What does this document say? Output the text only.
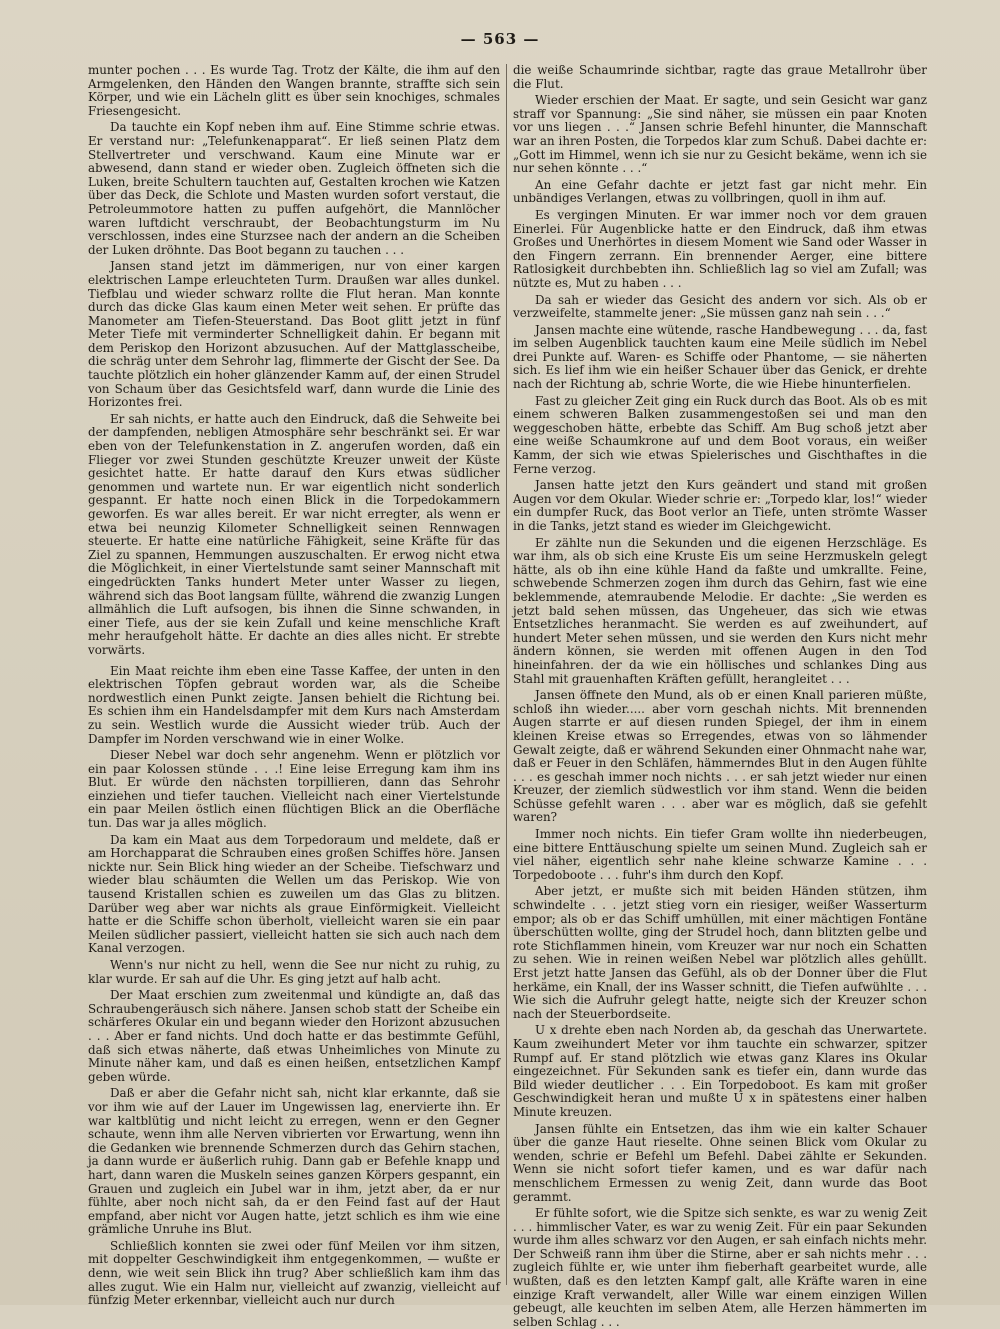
— 563 —

munter pochen . . . Es wurde Tag. Trotz der Kälte, die ihm auf den Armgelenken, den Händen den Wangen brannte, straffte sich sein Körper, und wie ein Lächeln glitt es über sein knochiges, schmales Friesengesicht.

Da tauchte ein Kopf neben ihm auf. Eine Stimme schrie etwas. Er verstand nur: „Telefunkenapparat“. Er ließ seinen Platz dem Stellvertreter und verschwand. Kaum eine Minute war er abwesend, dann stand er wieder oben. Zugleich öffneten sich die Luken, breite Schultern tauchten auf, Gestalten krochen wie Katzen über das Deck, die Schlote und Masten wurden sofort verstaut, die Petroleummotore hatten zu puffen aufgehört, die Mannlöcher waren luftdicht verschraubt, der Beobachtungsturm im Nu verschlossen, indes eine Sturzsee nach der andern an die Scheiben der Luken dröhnte. Das Boot begann zu tauchen . . .

Jansen stand jetzt im dämmerigen, nur von einer kargen elektrischen Lampe erleuchteten Turm. Draußen war alles dunkel. Tiefblau und wieder schwarz rollte die Flut heran. Man konnte durch das dicke Glas kaum einen Meter weit sehen. Er prüfte das Manometer am Tiefen-Steuerstand. Das Boot glitt jetzt in fünf Meter Tiefe mit verminderter Schnelligkeit dahin. Er begann mit dem Periskop den Horizont abzusuchen. Auf der Mattglasscheibe, die schräg unter dem Sehrohr lag, flimmerte der Gischt der See. Da tauchte plötzlich ein hoher glänzender Kamm auf, der einen Strudel von Schaum über das Gesichtsfeld warf, dann wurde die Linie des Horizontes frei.

Er sah nichts, er hatte auch den Eindruck, daß die Sehweite bei der dampfenden, nebligen Atmosphäre sehr beschränkt sei. Er war eben von der Telefunkenstation in Z. angerufen worden, daß ein Flieger vor zwei Stunden geschützte Kreuzer unweit der Küste gesichtet hatte. Er hatte darauf den Kurs etwas südlicher genommen und wartete nun. Er war eigentlich nicht sonderlich gespannt. Er hatte noch einen Blick in die Torpedokammern geworfen. Es war alles bereit. Er war nicht erregter, als wenn er etwa bei neunzig Kilometer Schnelligkeit seinen Rennwagen steuerte. Er hatte eine natürliche Fähigkeit, seine Kräfte für das Ziel zu spannen, Hemmungen auszuschalten. Er erwog nicht etwa die Möglichkeit, in einer Viertelstunde samt seiner Mannschaft mit eingedrückten Tanks hundert Meter unter Wasser zu liegen, während sich das Boot langsam füllte, während die zwanzig Lungen allmählich die Luft aufsogen, bis ihnen die Sinne schwanden, in einer Tiefe, aus der sie kein Zufall und keine menschliche Kraft mehr heraufgeholt hätte. Er dachte an dies alles nicht. Er strebte vorwärts.

Ein Maat reichte ihm eben eine Tasse Kaffee, der unten in den elektrischen Töpfen gebraut worden war, als die Scheibe nordwestlich einen Punkt zeigte. Jansen behielt die Richtung bei. Es schien ihm ein Handelsdampfer mit dem Kurs nach Amsterdam zu sein. Westlich wurde die Aussicht wieder trüb. Auch der Dampfer im Norden verschwand wie in einer Wolke.

Dieser Nebel war doch sehr angenehm. Wenn er plötzlich vor ein paar Kolossen stünde . . .! Eine leise Erregung kam ihm ins Blut. Er würde den nächsten torpillieren, dann das Sehrohr einziehen und tiefer tauchen. Vielleicht nach einer Viertelstunde ein paar Meilen östlich einen flüchtigen Blick an die Oberfläche tun. Das war ja alles möglich.

Da kam ein Maat aus dem Torpedoraum und meldete, daß er am Horchapparat die Schrauben eines großen Schiffes höre. Jansen nickte nur. Sein Blick hing wieder an der Scheibe. Tiefschwarz und wieder blau schäumten die Wellen um das Periskop. Wie von tausend Kristallen schien es zuweilen um das Glas zu blitzen. Darüber weg aber war nichts als graue Einförmigkeit. Vielleicht hatte er die Schiffe schon überholt, vielleicht waren sie ein paar Meilen südlicher passiert, vielleicht hatten sie sich auch nach dem Kanal verzogen.

Wenn's nur nicht zu hell, wenn die See nur nicht zu ruhig, zu klar wurde. Er sah auf die Uhr. Es ging jetzt auf halb acht.

Der Maat erschien zum zweitenmal und kündigte an, daß das Schraubengeräusch sich nähere. Jansen schob statt der Scheibe ein schärferes Okular ein und begann wieder den Horizont abzusuchen . . . Aber er fand nichts. Und doch hatte er das bestimmte Gefühl, daß sich etwas näherte, daß etwas Unheimliches von Minute zu Minute näher kam, und daß es einen heißen, entsetzlichen Kampf geben würde.

Daß er aber die Gefahr nicht sah, nicht klar erkannte, daß sie vor ihm wie auf der Lauer im Ungewissen lag, enervierte ihn. Er war kaltblütig und nicht leicht zu erregen, wenn er den Gegner schaute, wenn ihm alle Nerven vibrierten vor Erwartung, wenn ihn die Gedanken wie brennende Schmerzen durch das Gehirn stachen, ja dann wurde er äußerlich ruhig. Dann gab er Befehle knapp und hart, dann waren die Muskeln seines ganzen Körpers gespannt, ein Grauen und zugleich ein Jubel war in ihm, jetzt aber, da er nur fühlte, aber noch nicht sah, da er den Feind fast auf der Haut empfand, aber nicht vor Augen hatte, jetzt schlich es ihm wie eine grämliche Unruhe ins Blut.

Schließlich konnten sie zwei oder fünf Meilen vor ihm sitzen, mit doppelter Geschwindigkeit ihm entgegenkommen, — wußte er denn, wie weit sein Blick ihn trug? Aber schließlich kam ihm das alles zugut. Wie ein Halm nur, vielleicht auf zwanzig, vielleicht auf fünfzig Meter erkennbar, vielleicht auch nur durch

die weiße Schaumrinde sichtbar, ragte das graue Metallrohr über die Flut.

Wieder erschien der Maat. Er sagte, und sein Gesicht war ganz straff vor Spannung: „Sie sind näher, sie müssen ein paar Knoten vor uns liegen . . .“ Jansen schrie Befehl hinunter, die Mannschaft war an ihren Posten, die Torpedos klar zum Schuß. Dabei dachte er: „Gott im Himmel, wenn ich sie nur zu Gesicht bekäme, wenn ich sie nur sehen könnte . . .“

An eine Gefahr dachte er jetzt fast gar nicht mehr. Ein unbändiges Verlangen, etwas zu vollbringen, quoll in ihm auf.

Es vergingen Minuten. Er war immer noch vor dem grauen Einerlei. Für Augenblicke hatte er den Eindruck, daß ihm etwas Großes und Unerhörtes in diesem Moment wie Sand oder Wasser in den Fingern zerrann. Ein brennender Aerger, eine bittere Ratlosigkeit durchbebten ihn. Schließlich lag so viel am Zufall; was nützte es, Mut zu haben . . .

Da sah er wieder das Gesicht des andern vor sich. Als ob er verzweifelte, stammelte jener: „Sie müssen ganz nah sein . . .“

Jansen machte eine wütende, rasche Handbewegung . . . da, fast im selben Augenblick tauchten kaum eine Meile südlich im Nebel drei Punkte auf. Waren- es Schiffe oder Phantome, — sie näherten sich. Es lief ihm wie ein heißer Schauer über das Genick, er drehte nach der Richtung ab, schrie Worte, die wie Hiebe hinunterfielen.

Fast zu gleicher Zeit ging ein Ruck durch das Boot. Als ob es mit einem schweren Balken zusammengestoßen sei und man den weggeschoben hätte, erbebte das Schiff. Am Bug schoß jetzt aber eine weiße Schaumkrone auf und dem Boot voraus, ein weißer Kamm, der sich wie etwas Spielerisches und Gischthaftes in die Ferne verzog.

Jansen hatte jetzt den Kurs geändert und stand mit großen Augen vor dem Okular. Wieder schrie er: „Torpedo klar, los!“ wieder ein dumpfer Ruck, das Boot verlor an Tiefe, unten strömte Wasser in die Tanks, jetzt stand es wieder im Gleichgewicht.

Er zählte nun die Sekunden und die eigenen Herzschläge. Es war ihm, als ob sich eine Kruste Eis um seine Herzmuskeln gelegt hätte, als ob ihn eine kühle Hand da faßte und umkrallte. Feine, schwebende Schmerzen zogen ihm durch das Gehirn, fast wie eine beklemmende, atemraubende Melodie. Er dachte: „Sie werden es jetzt bald sehen müssen, das Ungeheuer, das sich wie etwas Entsetzliches heranmacht. Sie werden es auf zweihundert, auf hundert Meter sehen müssen, und sie werden den Kurs nicht mehr ändern können, sie werden mit offenen Augen in den Tod hineinfahren. der da wie ein höllisches und schlankes Ding aus Stahl mit grauenhaften Kräften gefüllt, herangleitet . . .

Jansen öffnete den Mund, als ob er einen Knall parieren müßte, schloß ihn wieder..... aber vorn geschah nichts. Mit brennenden Augen starrte er auf diesen runden Spiegel, der ihm in einem kleinen Kreise etwas so Erregendes, etwas von so lähmender Gewalt zeigte, daß er während Sekunden einer Ohnmacht nahe war, daß er Feuer in den Schläfen, hämmerndes Blut in den Augen fühlte . . . es geschah immer noch nichts . . . er sah jetzt wieder nur einen Kreuzer, der ziemlich südwestlich vor ihm stand. Wenn die beiden Schüsse gefehlt waren . . . aber war es möglich, daß sie gefehlt waren?

Immer noch nichts. Ein tiefer Gram wollte ihn niederbeugen, eine bittere Enttäuschung spielte um seinen Mund. Zugleich sah er viel näher, eigentlich sehr nahe kleine schwarze Kamine . . . Torpedoboote . . . fuhr's ihm durch den Kopf.

Aber jetzt, er mußte sich mit beiden Händen stützen, ihm schwindelte . . . jetzt stieg vorn ein riesiger, weißer Wasserturm empor; als ob er das Schiff umhüllen, mit einer mächtigen Fontäne überschütten wollte, ging der Strudel hoch, dann blitzten gelbe und rote Stichflammen hinein, vom Kreuzer war nur noch ein Schatten zu sehen. Wie in reinen weißen Nebel war plötzlich alles gehüllt. Erst jetzt hatte Jansen das Gefühl, als ob der Donner über die Flut herkäme, ein Knall, der ins Wasser schnitt, die Tiefen aufwühlte . . . Wie sich die Aufruhr gelegt hatte, neigte sich der Kreuzer schon nach der Steuerbordseite.

U x drehte eben nach Norden ab, da geschah das Unerwartete. Kaum zweihundert Meter vor ihm tauchte ein schwarzer, spitzer Rumpf auf. Er stand plötzlich wie etwas ganz Klares ins Okular eingezeichnet. Für Sekunden sank es tiefer ein, dann wurde das Bild wieder deutlicher . . . Ein Torpedoboot. Es kam mit großer Geschwindigkeit heran und mußte U x in spätestens einer halben Minute kreuzen.

Jansen fühlte ein Entsetzen, das ihm wie ein kalter Schauer über die ganze Haut rieselte. Ohne seinen Blick vom Okular zu wenden, schrie er Befehl um Befehl. Dabei zählte er Sekunden. Wenn sie nicht sofort tiefer kamen, und es war dafür nach menschlichem Ermessen zu wenig Zeit, dann wurde das Boot gerammt.

Er fühlte sofort, wie die Spitze sich senkte, es war zu wenig Zeit . . . himmlischer Vater, es war zu wenig Zeit. Für ein paar Sekunden wurde ihm alles schwarz vor den Augen, er sah einfach nichts mehr. Der Schweiß rann ihm über die Stirne, aber er sah nichts mehr . . . zugleich fühlte er, wie unter ihm fieberhaft gearbeitet wurde, alle wußten, daß es den letzten Kampf galt, alle Kräfte waren in eine einzige Kraft verwandelt, aller Wille war einem einzigen Willen gebeugt, alle keuchten im selben Atem, alle Herzen hämmerten im selben Schlag . . .
